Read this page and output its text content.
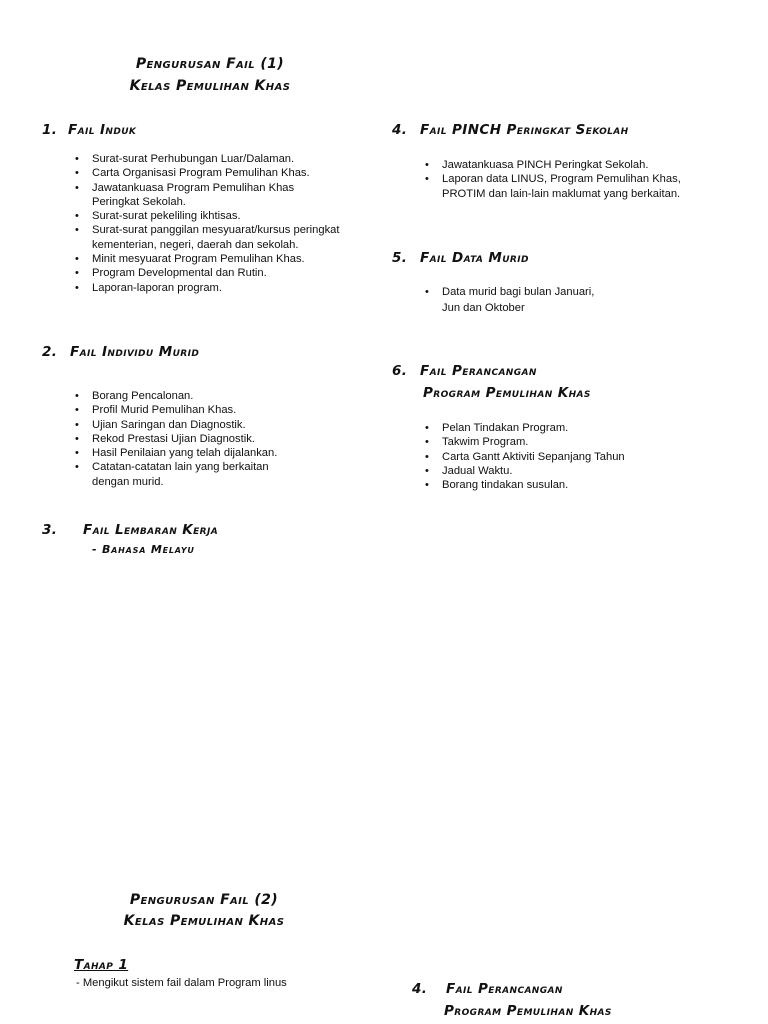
Pengurusan Fail (1)
Kelas Pemulihan Khas
1. Fail Induk
• Surat-surat Perhubungan Luar/Dalaman.
• Carta Organisasi Program Pemulihan Khas.
• Jawatankuasa Program Pemulihan Khas
Peringkat Sekolah.
• Surat-surat pekeliling ikhtisas.
• Surat-surat panggilan mesyuarat/kursus peringkat
kementerian, negeri, daerah dan sekolah.
• Minit mesyuarat Program Pemulihan Khas.
• Program Developmental dan Rutin.
• Laporan-laporan program.
2. Fail Individu Murid
• Borang Pencalonan.
• Profil Murid Pemulihan Khas.
• Ujian Saringan dan Diagnostik.
• Rekod Prestasi Ujian Diagnostik.
• Hasil Penilaian yang telah dijalankan.
• Catatan-catatan lain yang berkaitan
dengan murid.
3. Fail Lembaran Kerja
- Bahasa Melayu
4. Fail PINCH Peringkat Sekolah
• Jawatankuasa PINCH Peringkat Sekolah.
• Laporan data LINUS, Program Pemulihan Khas,
PROTIM dan lain-lain maklumat yang berkaitan.
5. Fail Data Murid
• Data murid bagi bulan Januari,
Jun dan Oktober
6. Fail Perancangan
Program Pemulihan Khas
• Pelan Tindakan Program.
• Takwim Program.
• Carta Gantt Aktiviti Sepanjang Tahun
• Jadual Waktu.
• Borang tindakan susulan.
Pengurusan Fail (2)
Kelas Pemulihan Khas
Tahap 1
- Mengikut sistem fail dalam Program linus	4. Fail Perancangan
Program Pemulihan Khas
